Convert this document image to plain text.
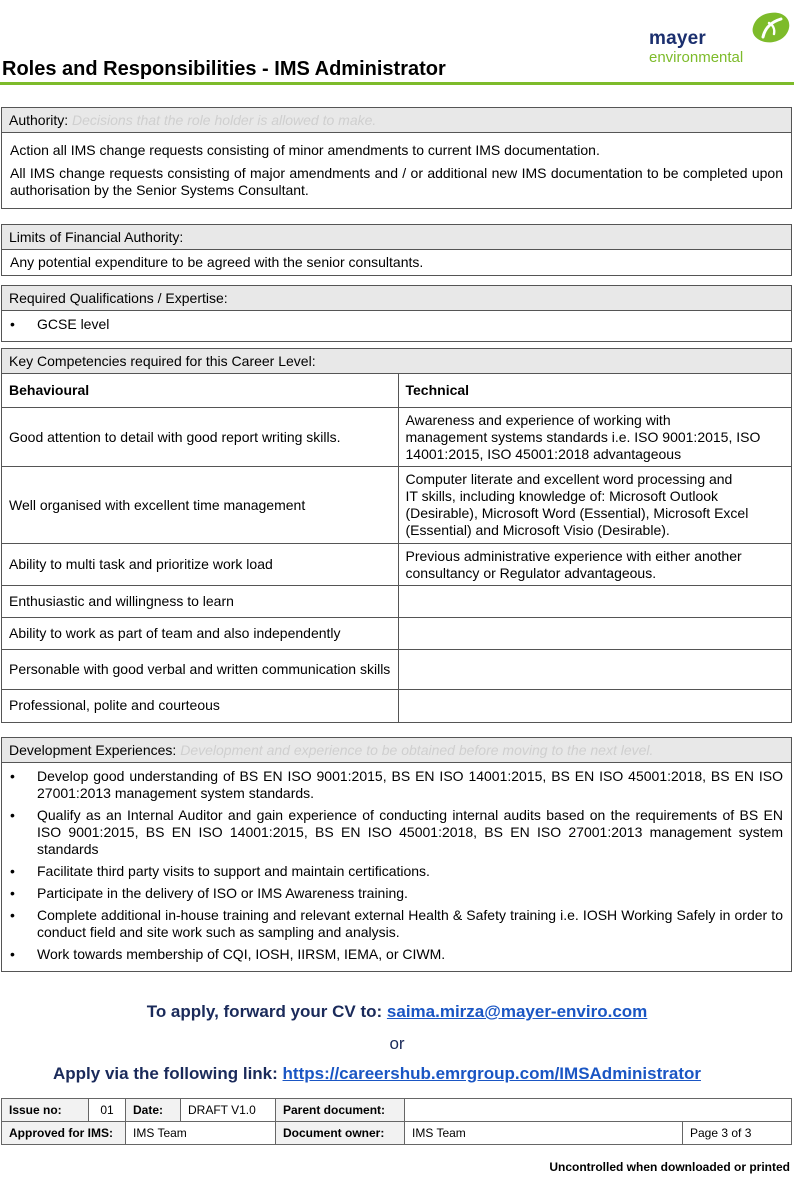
Roles and Responsibilities - IMS Administrator
mayer
environmental
Authority: Decisions that the role holder is allowed to make.

Action all IMS change requests consisting of minor amendments to current IMS documentation.

All IMS change requests consisting of major amendments and / or additional new IMS documentation to be completed upon authorisation by the Senior Systems Consultant.

Limits of Financial Authority:
Any potential expenditure to be agreed with the senior consultants.
Required Qualifications / Expertise:
• GCSE level
Key Competencies required for this Career Level:
Behavioural	Technical
Good attention to detail with good report writing skills.	Awareness and experience of working with
management systems standards i.e. ISO 9001:2015, ISO 14001:2015, ISO 45001:2018 advantageous

Well organised with excellent time management	Computer literate and excellent word processing and
IT skills, including knowledge of: Microsoft Outlook (Desirable), Microsoft Word (Essential), Microsoft Excel (Essential) and Microsoft Visio (Desirable).

Ability to multi task and prioritize work load	Previous administrative experience with either another
consultancy or Regulator advantageous.

Enthusiastic and willingness to learn	
Ability to work as part of team and also independently	
Personable with good verbal and written communication skills	
Professional, polite and courteous	
Development Experiences: Development and experience to be obtained before moving to the next level.
• Develop good understanding of BS EN ISO 9001:2015, BS EN ISO 14001:2015, BS EN ISO 45001:2018, BS EN ISO 27001:2013 management system standards.
• Qualify as an Internal Auditor and gain experience of conducting internal audits based on the requirements of BS EN ISO 9001:2015, BS EN ISO 14001:2015, BS EN ISO 45001:2018, BS EN ISO 27001:2013 management system standards
• Facilitate third party visits to support and maintain certifications.
• Participate in the delivery of ISO or IMS Awareness training.
• Complete additional in-house training and relevant external Health & Safety training i.e. IOSH Working Safely in order to conduct field and site work such as sampling and analysis.
• Work towards membership of CQI, IOSH, IIRSM, IEMA, or CIWM.
To apply, forward your CV to: saima.mirza@mayer-enviro.com
or
Apply via the following link: https://careershub.emrgroup.com/IMSAdministrator
Issue no:	01	Date:	DRAFT V1.0	Parent document:		
Approved for IMS:		IMS Team		Document owner:	IMS Team	Page 3 of 3
Uncontrolled when downloaded or printed
